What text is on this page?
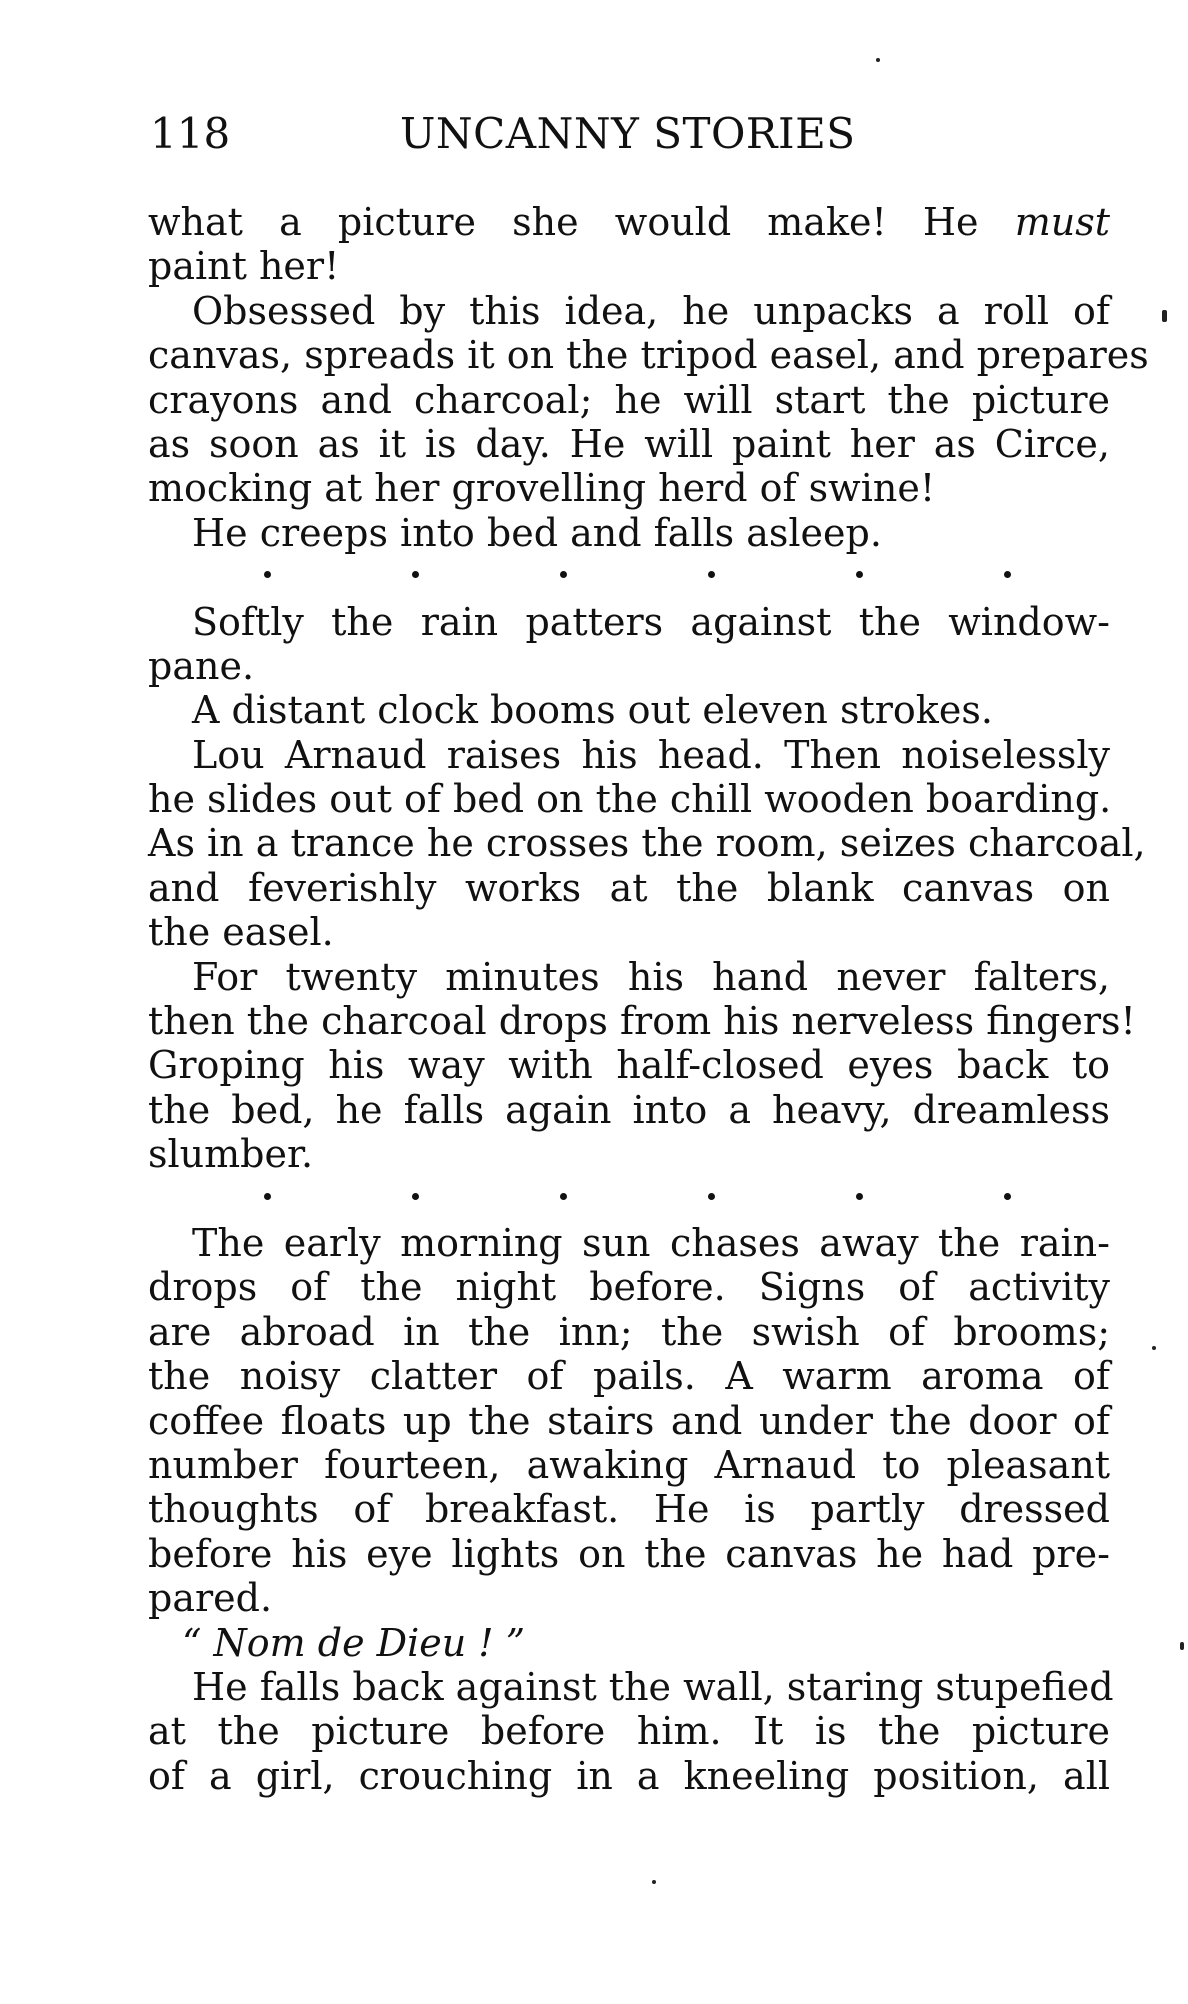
118	UNCANNY STORIES
what a picture she would make! He must
paint her!
Obsessed by this idea, he unpacks a roll of
canvas, spreads it on the tripod easel, and prepares
crayons and charcoal; he will start the picture
as soon as it is day. He will paint her as Circe,
mocking at her grovelling herd of swine!
He creeps into bed and falls asleep.
Softly the rain patters against the window-
pane.
A distant clock booms out eleven strokes.
Lou Arnaud raises his head. Then noiselessly
he slides out of bed on the chill wooden boarding.
As in a trance he crosses the room, seizes charcoal,
and feverishly works at the blank canvas on
the easel.
For twenty minutes his hand never falters,
then the charcoal drops from his nerveless fingers!
Groping his way with half-closed eyes back to
the bed, he falls again into a heavy, dreamless
slumber.
The early morning sun chases away the rain-
drops of the night before. Signs of activity
are abroad in the inn; the swish of brooms;
the noisy clatter of pails. A warm aroma of
coffee floats up the stairs and under the door of
number fourteen, awaking Arnaud to pleasant
thoughts of breakfast. He is partly dressed
before his eye lights on the canvas he had pre-
pared.
“ Nom de Dieu ! ”
He falls back against the wall, staring stupefied
at the picture before him. It is the picture
of a girl, crouching in a kneeling position, all
